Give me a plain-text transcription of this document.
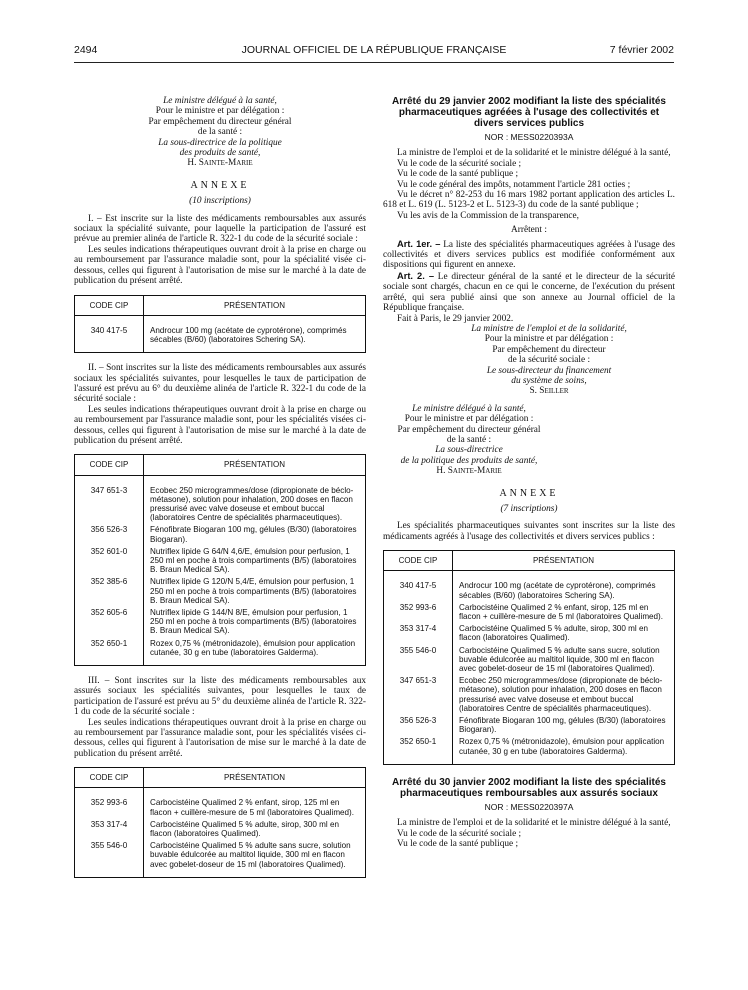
2494	JOURNAL OFFICIEL DE LA RÉPUBLIQUE FRANÇAISE	7 février 2002

Le ministre délégué à la santé,

Pour le ministre et par délégation :

Par empêchement du directeur général

de la santé :

La sous-directrice de la politique

des produits de santé,

H. Sainte-Marie

ANNEXE

(10 inscriptions)

I. – Est inscrite sur la liste des médicaments remboursables aux assurés sociaux la spécialité suivante, pour laquelle la participation de l'assuré est prévue au premier alinéa de l'article R. 322-1 du code de la sécurité sociale :

Les seules indications thérapeutiques ouvrant droit à la prise en charge ou au remboursement par l'assurance maladie sont, pour la spécialité visée ci-dessous, celles qui figurent à l'autorisation de mise sur le marché à la date de publication du présent arrêté.

CODE CIP	PRÉSENTATION
340 417-5	Androcur 100 mg (acétate de cyprotérone), comprimés sécables (B/60) (laboratoires Schering SA).

II. – Sont inscrites sur la liste des médicaments remboursables aux assurés sociaux les spécialités suivantes, pour lesquelles le taux de participation de l'assuré est prévu au 6° du deuxième alinéa de l'article R. 322-1 du code de la sécurité sociale :

Les seules indications thérapeutiques ouvrant droit à la prise en charge ou au remboursement par l'assurance maladie sont, pour les spécialités visées ci-dessous, celles qui figurent à l'autorisation de mise sur le marché à la date de publication du présent arrêté.

CODE CIP	PRÉSENTATION
347 651-3	Ecobec 250 microgrammes/dose (dipropionate de béclo-métasone), solution pour inhalation, 200 doses en flacon pressurisé avec valve doseuse et embout buccal (laboratoires Centre de spécialités pharmaceutiques).
356 526-3	Fénofibrate Biogaran 100 mg, gélules (B/30) (laboratoires Biogaran).
352 601-0	Nutriflex lipide G 64/N 4,6/E, émulsion pour perfusion, 1 250 ml en poche à trois compartiments (B/5) (laboratoires B. Braun Medical SA).
352 385-6	Nutriflex lipide G 120/N 5,4/E, émulsion pour perfusion, 1 250 ml en poche à trois compartiments (B/5) (laboratoires B. Braun Medical SA).
352 605-6	Nutriflex lipide G 144/N 8/E, émulsion pour perfusion, 1 250 ml en poche à trois compartiments (B/5) (laboratoires B. Braun Medical SA).
352 650-1	Rozex 0,75 % (métronidazole), émulsion pour application cutanée, 30 g en tube (laboratoires Galderma).

III. – Sont inscrites sur la liste des médicaments remboursables aux assurés sociaux les spécialités suivantes, pour lesquelles le taux de participation de l'assuré est prévu au 5° du deuxième alinéa de l'article R. 322-1 du code de la sécurité sociale :

Les seules indications thérapeutiques ouvrant droit à la prise en charge ou au remboursement par l'assurance maladie sont, pour les spécialités visées ci-dessous, celles qui figurent à l'autorisation de mise sur le marché à la date de publication du présent arrêté.

CODE CIP	PRÉSENTATION
352 993-6	Carbocistéine Qualimed 2 % enfant, sirop, 125 ml en flacon + cuillère-mesure de 5 ml (laboratoires Qualimed).
353 317-4	Carbocistéine Qualimed 5 % adulte, sirop, 300 ml en flacon (laboratoires Qualimed).
355 546-0	Carbocistéine Qualimed 5 % adulte sans sucre, solution buvable édulcorée au maltitol liquide, 300 ml en flacon avec gobelet-doseur de 15 ml (laboratoires Qualimed).

Arrêté du 29 janvier 2002 modifiant la liste des spécialités pharmaceutiques agréées à l'usage des collectivités et divers services publics

NOR : MESS0220393A

La ministre de l'emploi et de la solidarité et le ministre délégué à la santé,

Vu le code de la sécurité sociale ;

Vu le code de la santé publique ;

Vu le code général des impôts, notamment l'article 281 octies ;

Vu le décret n° 82-253 du 16 mars 1982 portant application des articles L. 618 et L. 619 (L. 5123-2 et L. 5123-3) du code de la santé publique ;

Vu les avis de la Commission de la transparence,

Arrêtent :

Art. 1er. – La liste des spécialités pharmaceutiques agréées à l'usage des collectivités et divers services publics est modifiée conformément aux dispositions qui figurent en annexe.

Art. 2. – Le directeur général de la santé et le directeur de la sécurité sociale sont chargés, chacun en ce qui le concerne, de l'exécution du présent arrêté, qui sera publié ainsi que son annexe au Journal officiel de la République française.

Fait à Paris, le 29 janvier 2002.

La ministre de l'emploi et de la solidarité,

Pour la ministre et par délégation :

Par empêchement du directeur

de la sécurité sociale :

Le sous-directeur du financement

du système de soins,

S. Seiller

Le ministre délégué à la santé,

Pour le ministre et par délégation :

Par empêchement du directeur général

de la santé :

La sous-directrice

de la politique des produits de santé,

H. Sainte-Marie

ANNEXE

(7 inscriptions)

Les spécialités pharmaceutiques suivantes sont inscrites sur la liste des médicaments agréés à l'usage des collectivités et divers services publics :

CODE CIP	PRÉSENTATION
340 417-5	Androcur 100 mg (acétate de cyprotérone), comprimés sécables (B/60) (laboratoires Schering SA).
352 993-6	Carbocistéine Qualimed 2 % enfant, sirop, 125 ml en flacon + cuillère-mesure de 5 ml (laboratoires Qualimed).
353 317-4	Carbocistéine Qualimed 5 % adulte, sirop, 300 ml en flacon (laboratoires Qualimed).
355 546-0	Carbocistéine Qualimed 5 % adulte sans sucre, solution buvable édulcorée au maltitol liquide, 300 ml en flacon avec gobelet-doseur de 15 ml (laboratoires Qualimed).
347 651-3	Ecobec 250 microgrammes/dose (dipropionate de béclo-métasone), solution pour inhalation, 200 doses en flacon pressurisé avec valve doseuse et embout buccal (laboratoires Centre de spécialités pharmaceutiques).
356 526-3	Fénofibrate Biogaran 100 mg, gélules (B/30) (laboratoires Biogaran).
352 650-1	Rozex 0,75 % (métronidazole), émulsion pour application cutanée, 30 g en tube (laboratoires Galderma).

Arrêté du 30 janvier 2002 modifiant la liste des spécialités pharmaceutiques remboursables aux assurés sociaux

NOR : MESS0220397A

La ministre de l'emploi et de la solidarité et le ministre délégué à la santé,

Vu le code de la sécurité sociale ;

Vu le code de la santé publique ;
